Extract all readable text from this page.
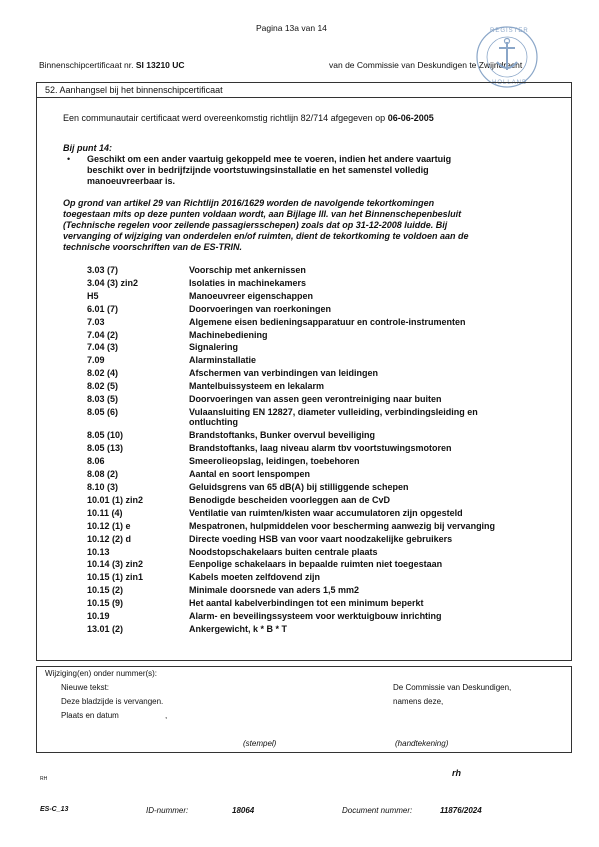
Pagina 13a van 14
Binnenschipcertificaat nr. SI 13210 UC	van de Commissie van Deskundigen te Zwijndrecht
REGISTER
HOLLAND
52. Aanhangsel bij het binnenschipcertificaat
Een communautair certificaat werd overeenkomstig richtlijn 82/714 afgegeven op 06-06-2005
Bij punt 14:
• Geschikt om een ander vaartuig gekoppeld mee te voeren, indien het andere vaartuig
beschikt over in bedrijfzijnde voortstuwingsinstallatie en het samenstel volledig
manoeuvreerbaar is.
Op grond van artikel 29 van Richtlijn 2016/1629 worden de navolgende tekortkomingen
toegestaan mits op deze punten voldaan wordt, aan Bijlage III. van het Binnenschepenbesluit
(Technische regelen voor zeilende passagiersschepen) zoals dat op 31-12-2008 luidde. Bij
vervanging of wijziging van onderdelen en/of ruimten, dient de tekortkoming te voldoen aan de
technische voorschriften van de ES-TRIN.
3.03 (7)	Voorschip met ankernissen
3.04 (3) zin2	Isolaties in machinekamers
H5	Manoeuvreer eigenschappen
6.01 (7)	Doorvoeringen van roerkoningen
7.03	Algemene eisen bedieningsapparatuur en controle-instrumenten
7.04 (2)	Machinebediening
7.04 (3)	Signalering
7.09	Alarminstallatie
8.02 (4)	Afschermen van verbindingen van leidingen
8.02 (5)	Mantelbuissysteem en lekalarm
8.03 (5)	Doorvoeringen van assen geen verontreiniging naar buiten
8.05 (6)	Vulaansluiting EN 12827, diameter vulleiding, verbindingsleiding en
ontluchting
8.05 (10)	Brandstoftanks, Bunker overvul beveiliging
8.05 (13)	Brandstoftanks, laag niveau alarm tbv voortstuwingsmotoren
8.06	Smeerolieopslag, leidingen, toebehoren
8.08 (2)	Aantal en soort lenspompen
8.10 (3)	Geluidsgrens van 65 dB(A) bij stilliggende schepen
10.01 (1) zin2	Benodigde bescheiden voorleggen aan de CvD
10.11 (4)	Ventilatie van ruimten/kisten waar accumulatoren zijn opgesteld
10.12 (1) e	Mespatronen, hulpmiddelen voor bescherming aanwezig bij vervanging
10.12 (2) d	Directe voeding HSB van voor vaart noodzakelijke gebruikers
10.13	Noodstopschakelaars buiten centrale plaats
10.14 (3) zin2	Eenpolige schakelaars in bepaalde ruimten niet toegestaan
10.15 (1) zin1	Kabels moeten zelfdovend zijn
10.15 (2)	Minimale doorsnede van aders 1,5 mm2
10.15 (9)	Het aantal kabelverbindingen tot een minimum beperkt
10.19	Alarm- en beveilingssysteem voor werktuigbouw inrichting
13.01 (2)	Ankergewicht, k * B * T
Wijziging(en) onder nummer(s):
Nieuwe tekst:
Deze bladzijde is vervangen.
Plaats en datum	,
De Commissie van Deskundigen,
namens deze,
(stempel)	(handtekening)
rh
RH
ES-C_13	ID-nummer:	18064	Document nummer:	11876/2024
